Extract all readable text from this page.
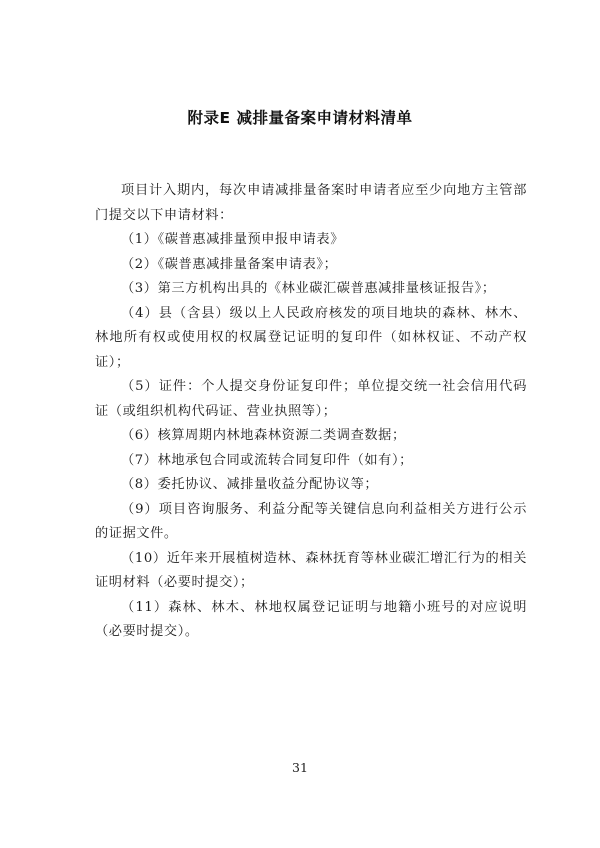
附录E 减排量备案申请材料清单

项目计入期内，每次申请减排量备案时申请者应至少向地方主管部门提交以下申请材料：

（1）《碳普惠减排量预申报申请表》

（2）《碳普惠减排量备案申请表》；

（3）第三方机构出具的《林业碳汇碳普惠减排量核证报告》；

（4）县（含县）级以上人民政府核发的项目地块的森林、林木、林地所有权或使用权的权属登记证明的复印件（如林权证、不动产权证）；

（5）证件：个人提交身份证复印件；单位提交统一社会信用代码证（或组织机构代码证、营业执照等）；

（6）核算周期内林地森林资源二类调查数据；

（7）林地承包合同或流转合同复印件（如有）；

（8）委托协议、减排量收益分配协议等；

（9）项目咨询服务、利益分配等关键信息向利益相关方进行公示的证据文件。

（10）近年来开展植树造林、森林抚育等林业碳汇增汇行为的相关证明材料（必要时提交）；

（11）森林、林木、林地权属登记证明与地籍小班号的对应说明（必要时提交）。

31
